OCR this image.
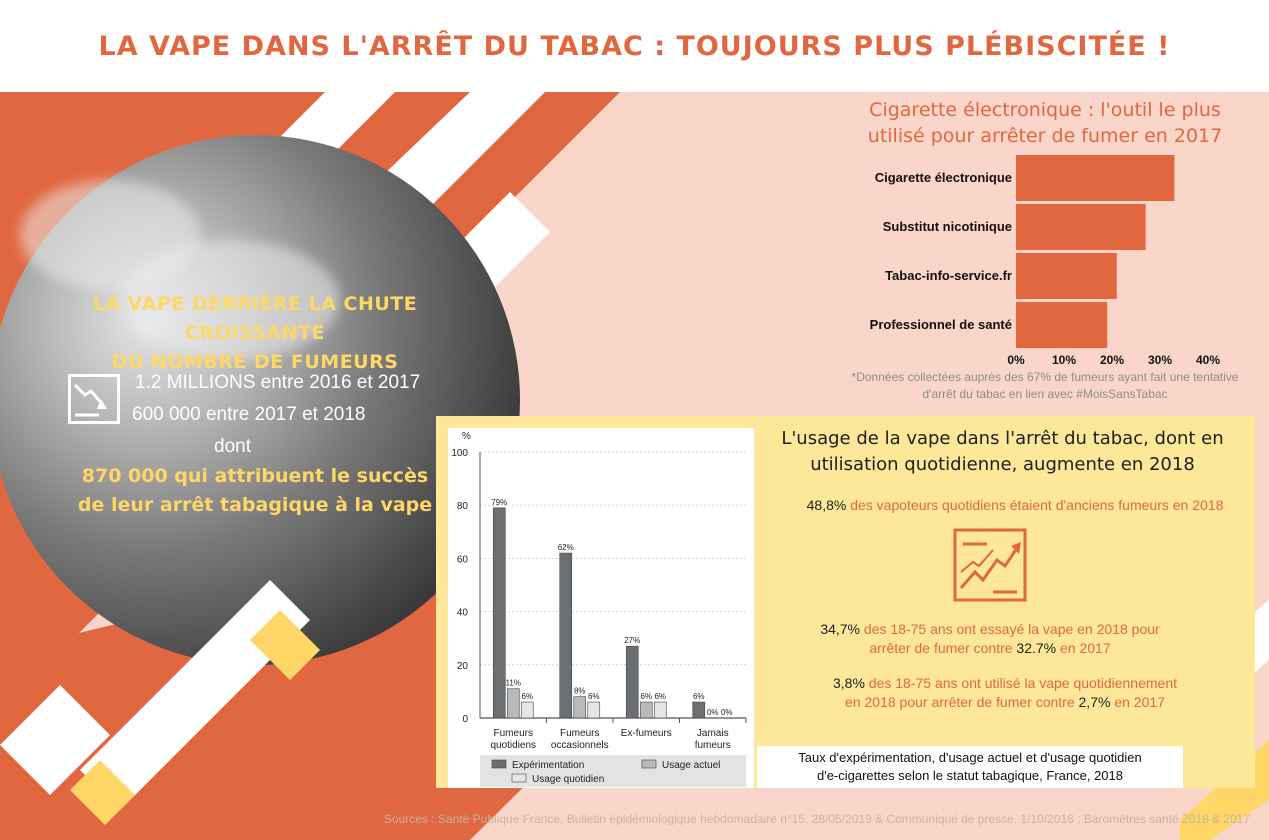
LA VAPE DANS L'ARRÊT DU TABAC : TOUJOURS PLUS PLÉBISCITÉE !
LA VAPE DERRIÈRE LA CHUTE CROISSANTE
DU NOMBRE DE FUMEURS
1.2 MILLIONS entre 2016 et 2017
600 000 entre 2017 et 2018
dont
870 000 qui attribuent le succès
de leur arrêt tabagique à la vape
Cigarette électronique : l'outil le plus utilisé pour arrêter de fumer en 2017
0% 10% 20% 30% 40%
Cigarette électronique
Substitut nicotinique
Tabac-info-service.fr
Professionnel de santé
*Données collectées auprès des 67% de fumeurs ayant fait une tentative d'arrêt du tabac en lien avec #MoisSansTabac
%
0
20
40
60
80
100
79%
11%
6%
Fumeurs
quotidiens
62%
8%
6%
Fumeurs
occasionnels
27%
6% 6%
Ex-fumeurs
6%
0% 0%
Jamais
fumeurs
Expérimentation	Usage actuel
Usage quotidien
L'usage de la vape dans l'arrêt du tabac, dont en utilisation quotidienne, augmente en 2018
48,8% des vapoteurs quotidiens étaient d'anciens fumeurs en 2018
34,7% des 18-75 ans ont essayé la vape en 2018 pour
arrêter de fumer contre 32.7% en 2017
3,8% des 18-75 ans ont utilisé la vape quotidiennement
en 2018 pour arrêter de fumer contre 2,7% en 2017
Taux d'expérimentation, d'usage actuel et d'usage quotidien
d'e-cigarettes selon le statut tabagique, France, 2018
Sources : Santé Publique France, Bulletin épidémiologique hebdomadaire n°15, 28/05/2019 & Communiqué de presse, 1/10/2018 ; Baromètres santé 2018 & 2017
